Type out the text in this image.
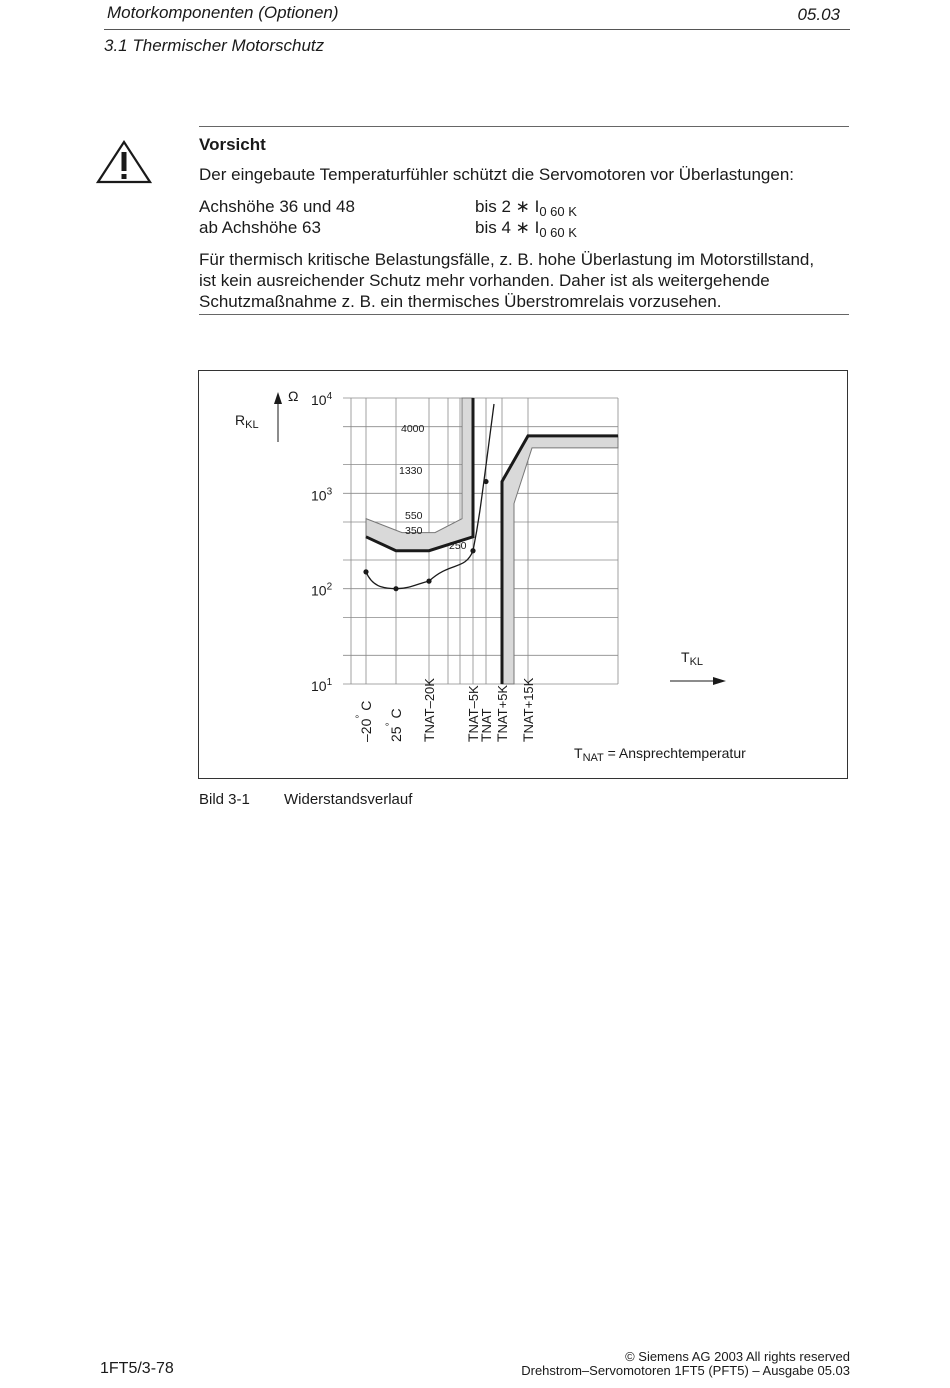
Motorkomponenten (Optionen)	05.03
3.1 Thermischer Motorschutz
Vorsicht
Der eingebaute Temperaturfühler schützt die Servomotoren vor Überlastungen:
Achshöhe 36 und 48	bis 2 ∗ $I_{0 60 K}$
ab Achshöhe 63	bis 4 ∗ $I_{0 60 K}$
Für thermisch kritische Belastungsfälle, z. B. hohe Überlastung im Motorstillstand,
ist kein ausreichender Schutz mehr vorhanden. Daher ist als weitergehende
Schutzmaßnahme z. B. ein thermisches Überstromrelais vorzusehen.
4000
1330
550
350
250
$R_{KL}$
Ω
$10^1$
$10^2$
$10^3$
$10^4$
–20° C
25° C
TNAT–20K
TNAT–5K
TNAT
TNAT+5K
TNAT+15K
$T_{KL}$
$T_{NAT}$ = Ansprechtemperatur
Bild 3-1 Widerstandsverlauf
1FT5/3-78
© Siemens AG 2003 All rights reserved
Drehstrom–Servomotoren 1FT5 (PFT5) – Ausgabe 05.03
